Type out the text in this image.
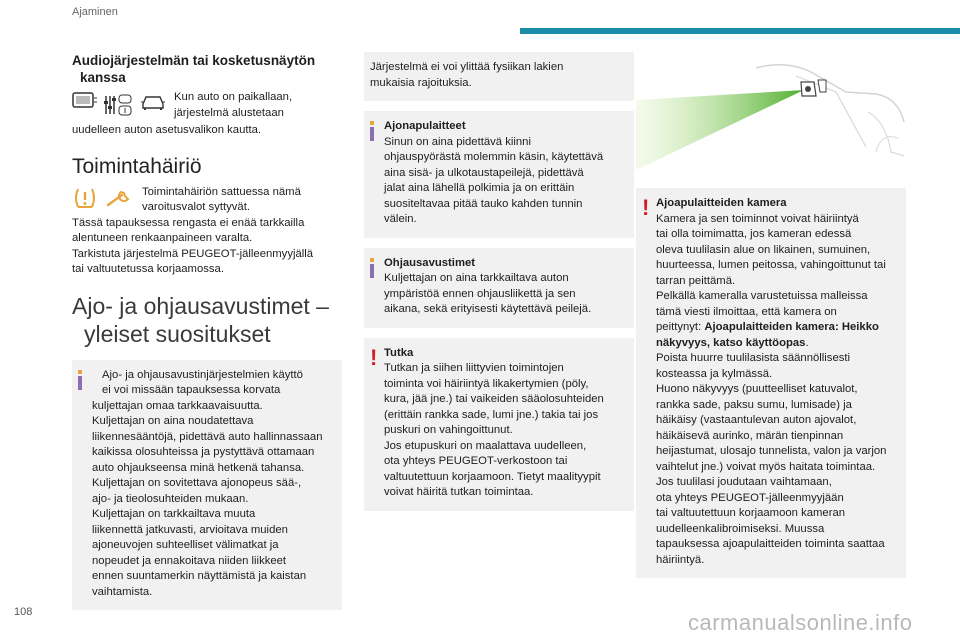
Ajaminen
Audiojärjestelmän tai kosketusnäytön
kanssa

Kun auto on paikallaan,

järjestelmä alustetaan

uudelleen auton asetusvalikon kautta.

Toimintahäiriö

Toimintahäiriön sattuessa nämä

varoitusvalot syttyvät.

Tässä tapauksessa rengasta ei enää tarkkailla

alentuneen renkaanpaineen varalta.

Tarkistuta järjestelmä PEUGEOT-jälleenmyyjällä

tai valtuutetussa korjaamossa.

Ajo- ja ohjausavustimet –
yleiset suositukset

Ajo- ja ohjausavustinjärjestelmien käyttö

ei voi missään tapauksessa korvata

kuljettajan omaa tarkkaavaisuutta.

Kuljettajan on aina noudatettava

liikennesääntöjä, pidettävä auto hallinnassaan

kaikissa olosuhteissa ja pystyttävä ottamaan

auto ohjaukseensa minä hetkenä tahansa.

Kuljettajan on sovitettava ajonopeus sää-,

ajo- ja tieolosuhteiden mukaan.

Kuljettajan on tarkkailtava muuta

liikennettä jatkuvasti, arvioitava muiden

ajoneuvojen suhteelliset välimatkat ja

nopeudet ja ennakoitava niiden liikkeet

ennen suuntamerkin näyttämistä ja kaistan

vaihtamista.

Järjestelmä ei voi ylittää fysiikan lakien

mukaisia rajoituksia.

Ajonapulaitteet

Sinun on aina pidettävä kiinni

ohjauspyörästä molemmin käsin, käytettävä

aina sisä- ja ulkotaustapeilejä, pidettävä

jalat aina lähellä polkimia ja on erittäin

suositeltavaa pitää tauko kahden tunnin

välein.

Ohjausavustimet

Kuljettajan on aina tarkkailtava auton

ympäristöä ennen ohjausliikettä ja sen

aikana, sekä erityisesti käytettävä peilejä.

! Tutka

Tutkan ja siihen liittyvien toimintojen

toiminta voi häiriintyä likakertymien (pöly,

kura, jää jne.) tai vaikeiden sääolosuhteiden

(erittäin rankka sade, lumi jne.) takia tai jos

puskuri on vahingoittunut.

Jos etupuskuri on maalattava uudelleen,

ota yhteys PEUGEOT-verkostoon tai

valtuutettuun korjaamoon. Tietyt maalityypit

voivat häiritä tutkan toimintaa.

! Ajoapulaitteiden kamera

Kamera ja sen toiminnot voivat häiriintyä

tai olla toimimatta, jos kameran edessä

oleva tuulilasin alue on likainen, sumuinen,

huurteessa, lumen peitossa, vahingoittunut tai

tarran peittämä.

Pelkällä kameralla varustetuissa malleissa

tämä viesti ilmoittaa, että kamera on

peittynyt: Ajoapulaitteiden kamera: Heikko

näkyvyys, katso käyttöopas.

Poista huurre tuulilasista säännöllisesti

kosteassa ja kylmässä.

Huono näkyvyys (puutteelliset katuvalot,

rankka sade, paksu sumu, lumisade) ja

häikäisy (vastaantulevan auton ajovalot,

häikäisevä aurinko, märän tienpinnan

heijastumat, ulosajo tunnelista, valon ja varjon

vaihtelut jne.) voivat myös haitata toimintaa.

Jos tuulilasi joudutaan vaihtamaan,

ota yhteys PEUGEOT-jälleenmyyjään

tai valtuutettuun korjaamoon kameran

uudelleenkalibroimiseksi. Muussa

tapauksessa ajoapulaitteiden toiminta saattaa

häiriintyä.

108	carmanualsonline.info
